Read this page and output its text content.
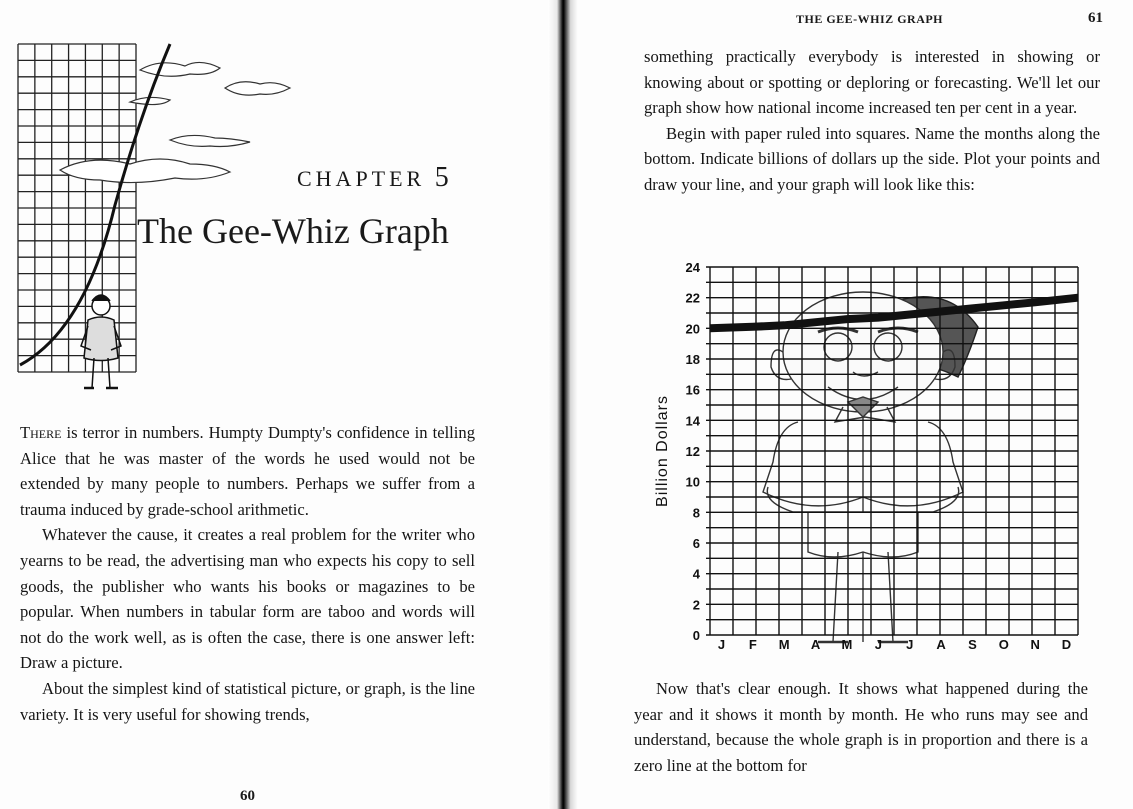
CHAPTER 5
The Gee-Whiz Graph

There is terror in numbers. Humpty Dumpty's confidence in telling Alice that he was master of the words he used would not be extended by many people to numbers. Perhaps we suffer from a trauma induced by grade-school arithmetic.

Whatever the cause, it creates a real problem for the writer who yearns to be read, the advertising man who expects his copy to sell goods, the publisher who wants his books or magazines to be popular. When numbers in tabular form are taboo and words will not do the work well, as is often the case, there is one answer left: Draw a picture.

About the simplest kind of statistical picture, or graph, is the line variety. It is very useful for showing trends,

60
THE GEE-WHIZ GRAPH	61

something practically everybody is interested in showing or knowing about or spotting or deploring or forecasting. We'll let our graph show how national income increased ten per cent in a year.

Begin with paper ruled into squares. Name the months along the bottom. Indicate billions of dollars up the side. Plot your points and draw your line, and your graph will look like this:

0
2
4
6
8
10
12
14
16
18
20
22
24
J F M A M J J A S O N D
Billion Dollars

Now that's clear enough. It shows what happened during the year and it shows it month by month. He who runs may see and understand, because the whole graph is in proportion and there is a zero line at the bottom for
